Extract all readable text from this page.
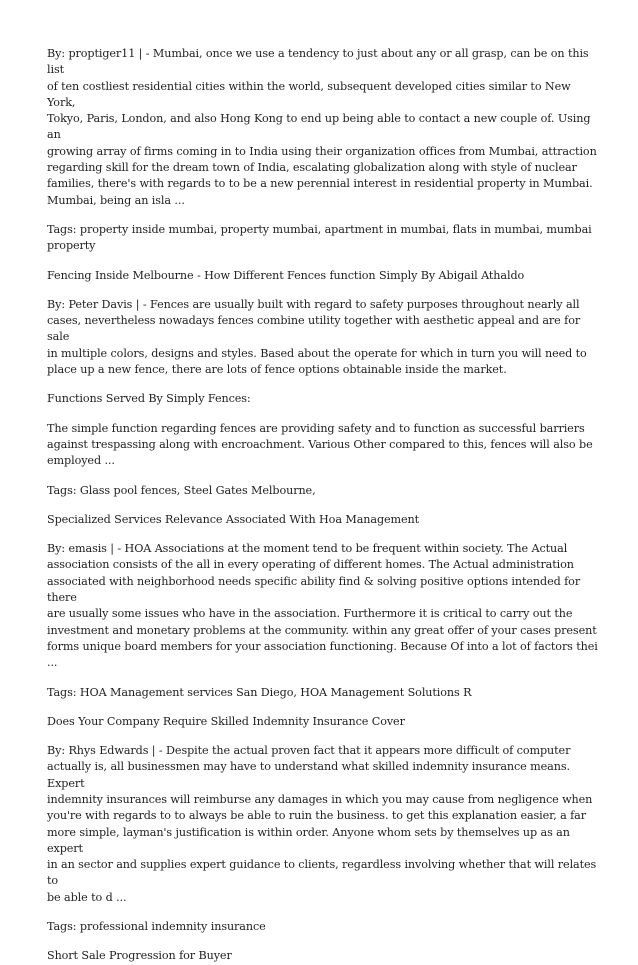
By: proptiger11 | - Mumbai, once we use a tendency to just about any or all grasp, can be on this list
of ten costliest residential cities within the world, subsequent developed cities similar to New York,
Tokyo, Paris, London, and also Hong Kong to end up being able to contact a new couple of. Using an
growing array of firms coming in to India using their organization offices from Mumbai, attraction
regarding skill for the dream town of India, escalating globalization along with style of nuclear
families, there's with regards to to be a new perennial interest in residential property in Mumbai.
Mumbai, being an isla ...

Tags: property inside mumbai, property mumbai, apartment in mumbai, flats in mumbai, mumbai
property

Fencing Inside Melbourne - How Different Fences function Simply By Abigail Athaldo

By: Peter Davis | - Fences are usually built with regard to safety purposes throughout nearly all
cases, nevertheless nowadays fences combine utility together with aesthetic appeal and are for sale
in multiple colors, designs and styles. Based about the operate for which in turn you will need to
place up a new fence, there are lots of fence options obtainable inside the market.

Functions Served By Simply Fences:

The simple function regarding fences are providing safety and to function as successful barriers
against trespassing along with encroachment. Various Other compared to this, fences will also be
employed ...

Tags: Glass pool fences, Steel Gates Melbourne,

Specialized Services Relevance Associated With Hoa Management

By: emasis | - HOA Associations at the moment tend to be frequent within society. The Actual
association consists of the all in every operating of different homes. The Actual administration
associated with neighborhood needs specific ability find & solving positive options intended for there
are usually some issues who have in the association. Furthermore it is critical to carry out the
investment and monetary problems at the community. within any great offer of your cases present
forms unique board members for your association functioning. Because Of into a lot of factors thei ...

Tags: HOA Management services San Diego, HOA Management Solutions R

Does Your Company Require Skilled Indemnity Insurance Cover

By: Rhys Edwards | - Despite the actual proven fact that it appears more difficult of computer
actually is, all businessmen may have to understand what skilled indemnity insurance means. Expert
indemnity insurances will reimburse any damages in which you may cause from negligence when
you're with regards to to always be able to ruin the business. to get this explanation easier, a far
more simple, layman's justification is within order. Anyone whom sets by themselves up as an expert
in an sector and supplies expert guidance to clients, regardless involving whether that will relates to
be able to d ...

Tags: professional indemnity insurance

Short Sale Progression for Buyer
